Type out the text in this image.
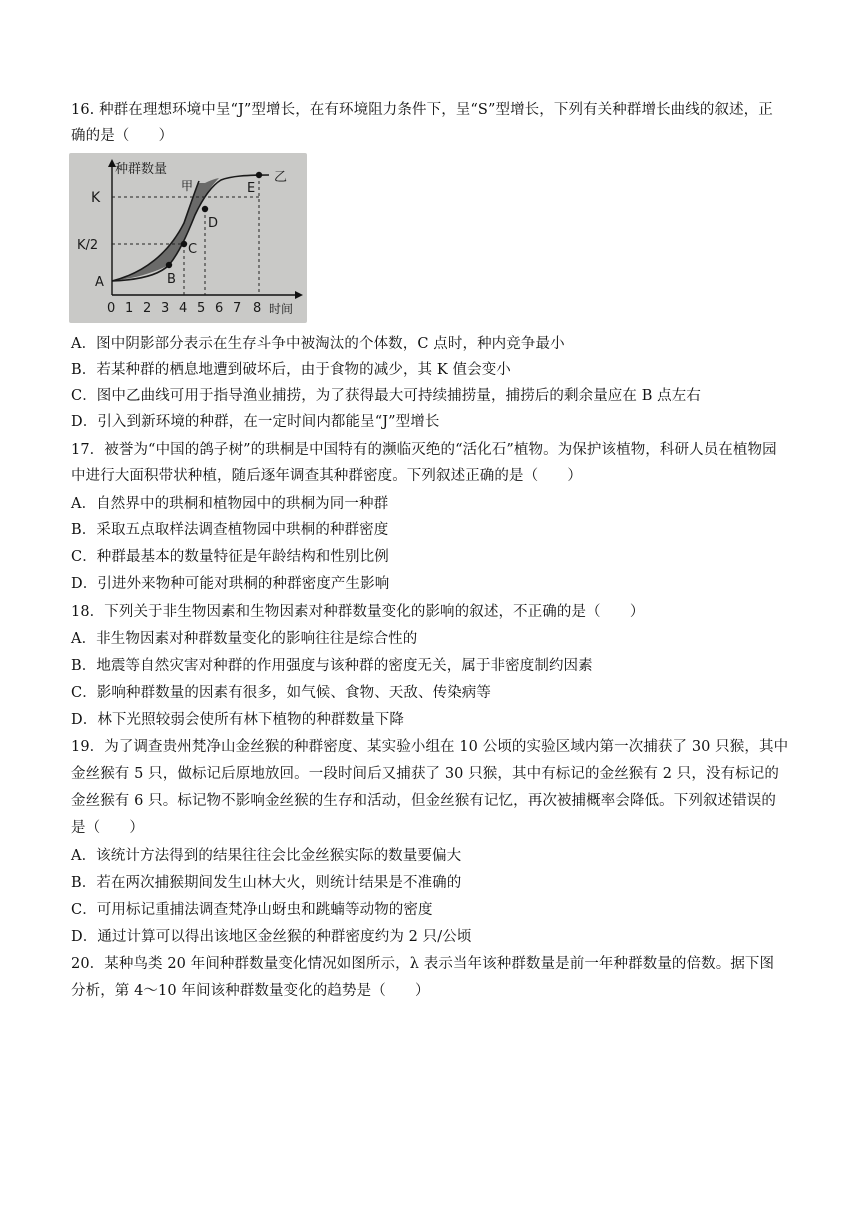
16. 种群在理想环境中呈“J”型增长，在有环境阻力条件下，呈“S”型增长，下列有关种群增长曲线的叙述，正
确的是（　　）
种群数量
时间
K
K/2
A
0 1 2 3 4 5 6 7 8
B
C
D
E
甲
乙
A．图中阴影部分表示在生存斗争中被淘汰的个体数，C 点时，种内竞争最小
B．若某种群的栖息地遭到破坏后，由于食物的减少，其 K 值会变小
C．图中乙曲线可用于指导渔业捕捞，为了获得最大可持续捕捞量，捕捞后的剩余量应在 B 点左右
D．引入到新环境的种群，在一定时间内都能呈“J”型增长
17．被誉为“中国的鸽子树”的珙桐是中国特有的濒临灭绝的“活化石”植物。为保护该植物，科研人员在植物园
中进行大面积带状种植，随后逐年调查其种群密度。下列叙述正确的是（　　）
A．自然界中的珙桐和植物园中的珙桐为同一种群
B．采取五点取样法调查植物园中珙桐的种群密度
C．种群最基本的数量特征是年龄结构和性别比例
D．引进外来物种可能对珙桐的种群密度产生影响
18．下列关于非生物因素和生物因素对种群数量变化的影响的叙述，不正确的是（　　）
A．非生物因素对种群数量变化的影响往往是综合性的
B．地震等自然灾害对种群的作用强度与该种群的密度无关，属于非密度制约因素
C．影响种群数量的因素有很多，如气候、食物、天敌、传染病等
D．林下光照较弱会使所有林下植物的种群数量下降
19．为了调查贵州梵净山金丝猴的种群密度、某实验小组在 10 公顷的实验区域内第一次捕获了 30 只猴，其中
金丝猴有 5 只，做标记后原地放回。一段时间后又捕获了 30 只猴，其中有标记的金丝猴有 2 只，没有标记的
金丝猴有 6 只。标记物不影响金丝猴的生存和活动，但金丝猴有记忆，再次被捕概率会降低。下列叙述错误的
是（　　）
A．该统计方法得到的结果往往会比金丝猴实际的数量要偏大
B．若在两次捕猴期间发生山林大火，则统计结果是不准确的
C．可用标记重捕法调查梵净山蚜虫和跳蝻等动物的密度
D．通过计算可以得出该地区金丝猴的种群密度约为 2 只/公顷
20．某种鸟类 20 年间种群数量变化情况如图所示，λ 表示当年该种群数量是前一年种群数量的倍数。据下图
分析，第 4～10 年间该种群数量变化的趋势是（　　）
